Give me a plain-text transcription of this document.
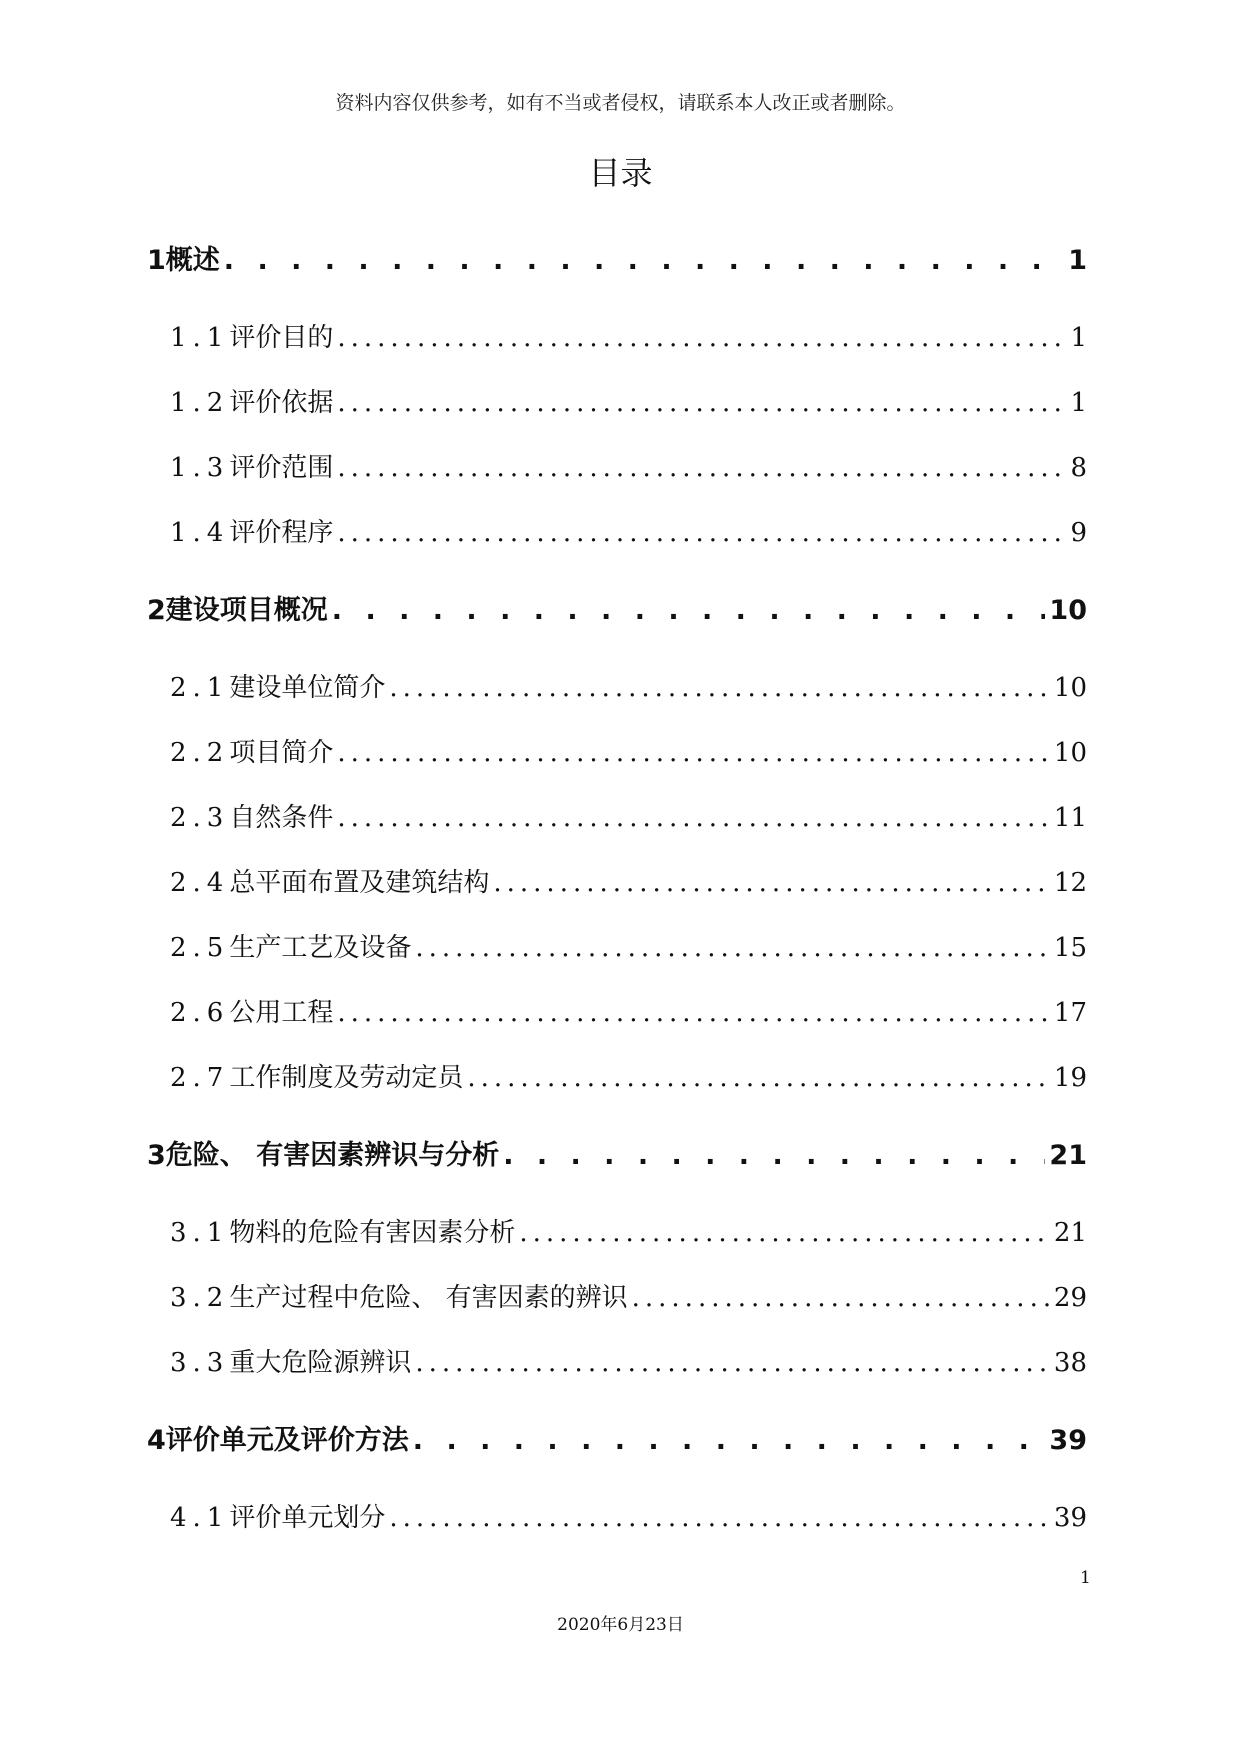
资料内容仅供参考，如有不当或者侵权，请联系本人改正或者删除。
目录
1 概述 . . .	1
1.1 评价目的 .....	1
1.2 评价依据 .....	1
1.3 评价范围 .....	8
1.4 评价程序 .....	9
2 建设项目概况 . . .	10
2.1 建设单位简介 .....	10
2.2 项目简介 .....	10
2.3 自然条件 .....	11
2.4 总平面布置及建筑结构 .....	12
2.5 生产工艺及设备 .....	15
2.6 公用工程 .....	17
2.7 工作制度及劳动定员 .....	19
3 危险、 有害因素辨识与分析 . . .	21
3.1 物料的危险有害因素分析 .....	21
3.2 生产过程中危险、 有害因素的辨识 .....	29
3.3 重大危险源辨识 .....	38
4 评价单元及评价方法 . . .	39
4.1 评价单元划分 .....	39
1
2020年6月23日
